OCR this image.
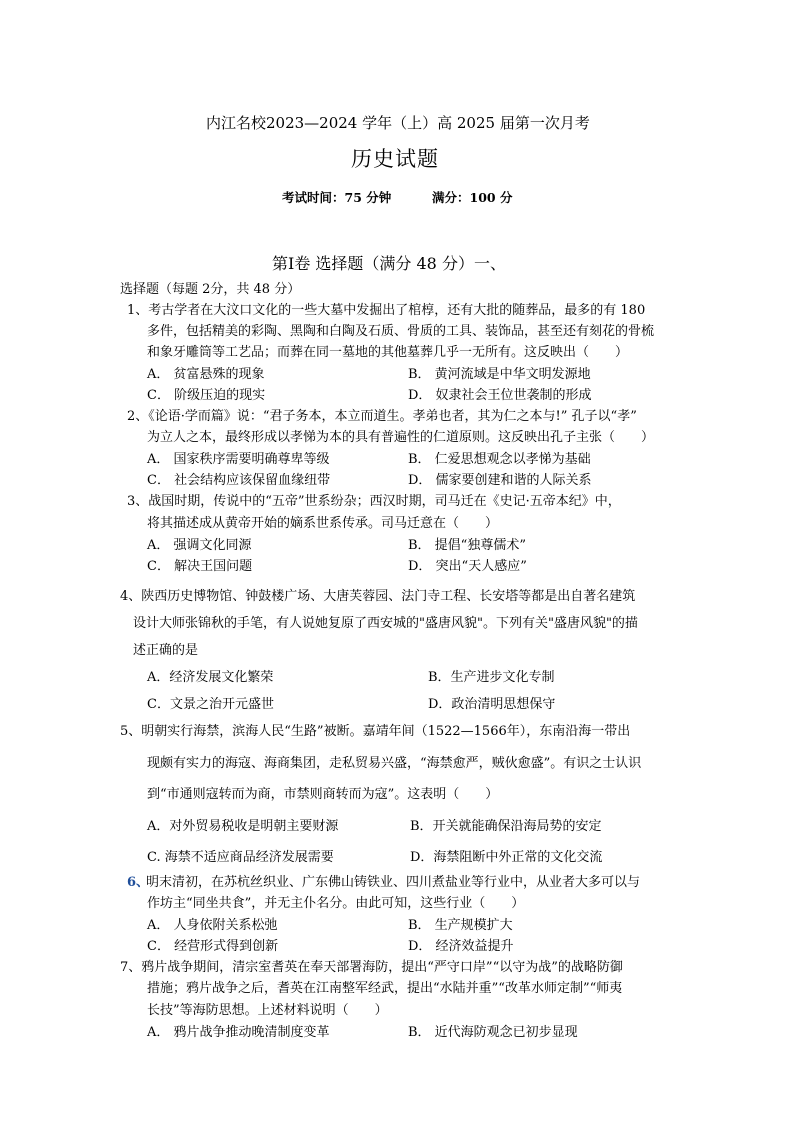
内江名校2023—2024 学年（上）高 2025 届第一次月考
历史试题
考试时间：75 分钟	满分：100 分
第Ⅰ卷 选择题（满分 48 分）一、
选择题（每题 2分，共 48 分）
1、考古学者在大汶口文化的一些大墓中发掘出了棺椁，还有大批的随葬品，最多的有 180
多件，包括精美的彩陶、黑陶和白陶及石质、骨质的工具、装饰品，甚至还有刻花的骨梳
和象牙雕筒等工艺品；而葬在同一墓地的其他墓葬几乎一无所有。这反映出（　　）
A． 贫富悬殊的现象	B． 黄河流域是中华文明发源地
C． 阶级压迫的现实	D． 奴隶社会王位世袭制的形成
2、《论语·学而篇》说：“君子务本，本立而道生。孝弟也者，其为仁之本与!” 孔子以“孝”
为立人之本，最终形成以孝悌为本的具有普遍性的仁道原则。这反映出孔子主张（　　）
A． 国家秩序需要明确尊卑等级	B． 仁爱思想观念以孝悌为基础
C． 社会结构应该保留血缘纽带	D． 儒家要创建和谐的人际关系
3、战国时期，传说中的“五帝”世系纷杂；西汉时期，司马迁在《史记·五帝本纪》中，
将其描述成从黄帝开始的嫡系世系传承。司马迁意在（　　）
A． 强调文化同源	B． 提倡“独尊儒术”
C． 解决王国问题	D． 突出“天人感应”
4、陕西历史博物馆、钟鼓楼广场、大唐芙蓉园、法门寺工程、长安塔等都是出自著名建筑
设计大师张锦秋的手笔，有人说她复原了西安城的"盛唐风貌"。下列有关"盛唐风貌"的描
述正确的是
A．经济发展文化繁荣	B．生产进步文化专制
C．文景之治开元盛世	D．政治清明思想保守
5、明朝实行海禁，滨海人民“生路”被断。嘉靖年间（1522—1566年），东南沿海一带出
现颇有实力的海寇、海商集团，走私贸易兴盛，“海禁愈严，贼伙愈盛”。有识之士认识
到“市通则寇转而为商，市禁则商转而为寇”。这表明（　　）
A．对外贸易税收是明朝主要财源	B．开关就能确保沿海局势的安定
C. 海禁不适应商品经济发展需要	D．海禁阻断中外正常的文化交流
6、
明末清初，在苏杭丝织业、广东佛山铸铁业、四川煮盐业等行业中，从业者大多可以与
作坊主“同坐共食”，并无主仆名分。由此可知，这些行业（　　）
A． 人身依附关系松弛	B． 生产规模扩大
C． 经营形式得到创新	D． 经济效益提升
7、鸦片战争期间，清宗室耆英在奉天部署海防，提出“严守口岸”“以守为战”的战略防御
措施；鸦片战争之后，耆英在江南整军经武，提出“水陆并重”“改革水师定制”“师夷
长技”等海防思想。上述材料说明（　　）
A． 鸦片战争推动晚清制度变革	B． 近代海防观念已初步显现
